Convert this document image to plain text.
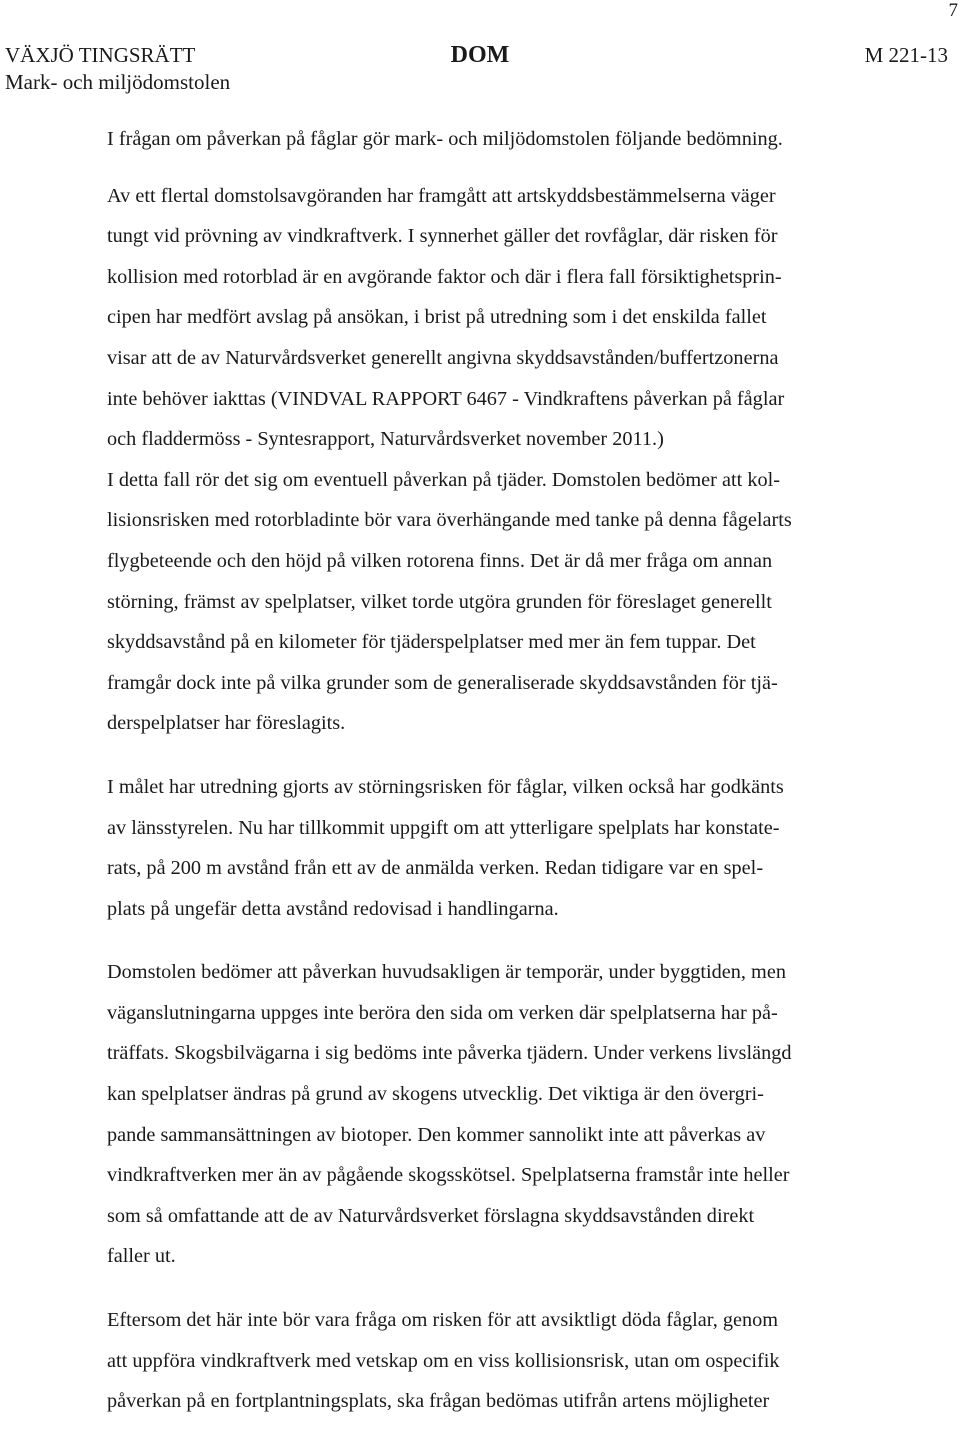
7
VÄXJÖ TINGSRÄTT
Mark- och miljödomstolen
DOM	M 221-13

I frågan om påverkan på fåglar gör mark- och miljödomstolen följande bedömning.

Av ett flertal domstolsavgöranden har framgått att artskyddsbestämmelserna väger
tungt vid prövning av vindkraftverk. I synnerhet gäller det rovfåglar, där risken för
kollision med rotorblad är en avgörande faktor och där i flera fall försiktighetsprin-
cipen har medfört avslag på ansökan, i brist på utredning som i det enskilda fallet
visar att de av Naturvårdsverket generellt angivna skyddsavstånden/buffertzonerna
inte behöver iakttas (VINDVAL RAPPORT 6467 - Vindkraftens påverkan på fåglar
och fladdermöss - Syntesrapport, Naturvårdsverket november 2011.)

I detta fall rör det sig om eventuell påverkan på tjäder. Domstolen bedömer att kol-
lisionsrisken med rotorbladinte bör vara överhängande med tanke på denna fågelarts
flygbeteende och den höjd på vilken rotorena finns. Det är då mer fråga om annan
störning, främst av spelplatser, vilket torde utgöra grunden för föreslaget generellt
skyddsavstånd på en kilometer för tjäderspelplatser med mer än fem tuppar. Det
framgår dock inte på vilka grunder som de generaliserade skyddsavstånden för tjä-
derspelplatser har föreslagits.

I målet har utredning gjorts av störningsrisken för fåglar, vilken också har godkänts
av länsstyrelen. Nu har tillkommit uppgift om att ytterligare spelplats har konstate-
rats, på 200 m avstånd från ett av de anmälda verken. Redan tidigare var en spel-
plats på ungefär detta avstånd redovisad i handlingarna.

Domstolen bedömer att påverkan huvudsakligen är temporär, under byggtiden, men
väganslutningarna uppges inte beröra den sida om verken där spelplatserna har på-
träffats. Skogsbilvägarna i sig bedöms inte påverka tjädern. Under verkens livslängd
kan spelplatser ändras på grund av skogens utvecklig. Det viktiga är den övergri-
pande sammansättningen av biotoper. Den kommer sannolikt inte att påverkas av
vindkraftverken mer än av pågående skogsskötsel. Spelplatserna framstår inte heller
som så omfattande att de av Naturvårdsverket förslagna skyddsavstånden direkt
faller ut.

Eftersom det här inte bör vara fråga om risken för att avsiktligt döda fåglar, genom
att uppföra vindkraftverk med vetskap om en viss kollisionsrisk, utan om ospecifik
påverkan på en fortplantningsplats, ska frågan bedömas utifrån artens möjligheter
